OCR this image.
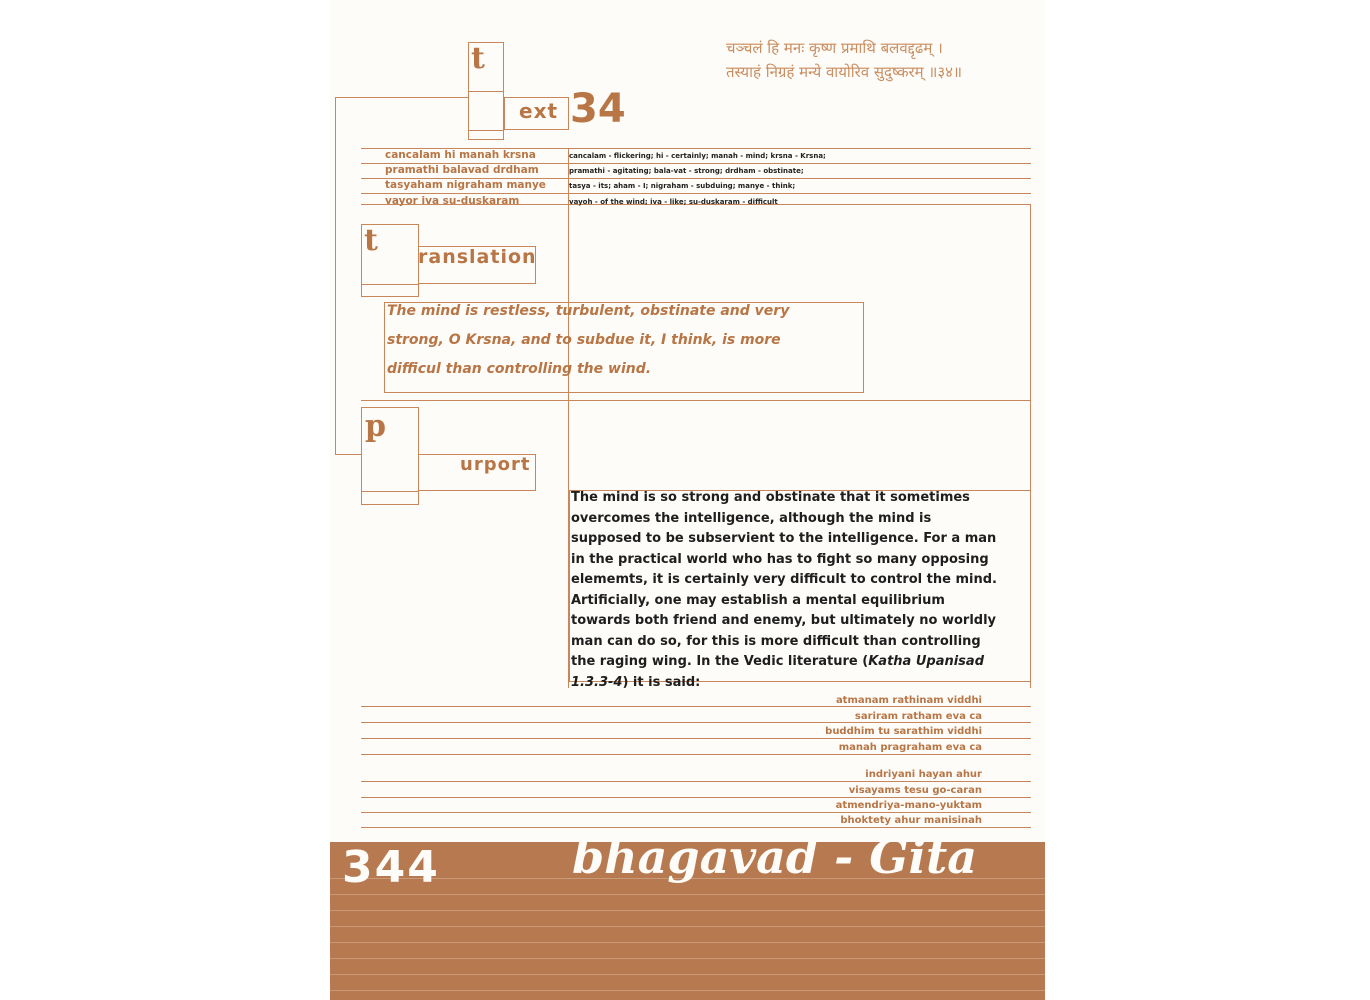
चञ्चलं हि मनः कृष्ण प्रमाथि बलवद्दृढम् ।
तस्याहं निग्रहं मन्ये वायोरिव सुदुष्करम् ॥३४॥
t
ext 34
cancalam hi manah krsna
pramathi balavad drdham
tasyaham nigraham manye
vayor iva su-duskaram
cancalam - flickering; hi - certainly; manah - mind; krsna - Krsna;
pramathi - agitating; bala-vat - strong; drdham - obstinate;
tasya - its; aham - I; nigraham - subduing; manye - think;
vayoh - of the wind; iva - like; su-duskaram - difficult
t ranslation
The mind is restless, turbulent, obstinate and very
strong, O Krsna, and to subdue it, I think, is more
difficul than controlling the wind.
p
urport
The mind is so strong and obstinate that it sometimes overcomes the intelligence, although the mind is supposed to be subservient to the intelligence. For a man in the practical world who has to fight so many opposing elememts, it is certainly very difficult to control the mind. Artificially, one may establish a mental equilibrium towards both friend and enemy, but ultimately no worldly man can do so, for this is more difficult than controlling the raging wing. In the Vedic literature (Katha Upanisad 1.3.3-4) it is said:
atmanam rathinam viddhi
sariram ratham eva ca
buddhim tu sarathim viddhi
manah pragraham eva ca
indriyani hayan ahur
visayams tesu go-caran
atmendriya-mano-yuktam
bhoktety ahur manisinah
344	bhagavad - Gita
